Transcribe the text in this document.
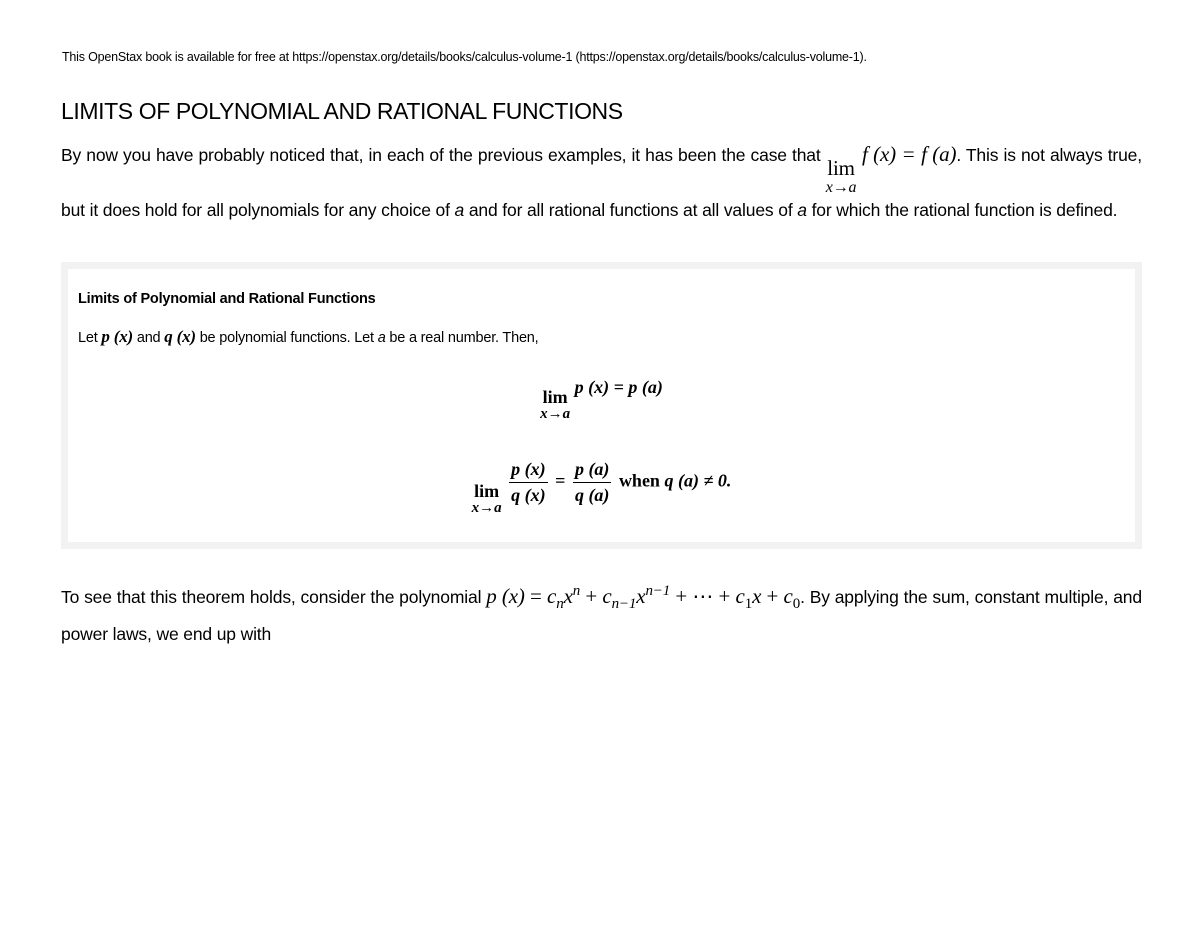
This OpenStax book is available for free at https://openstax.org/details/books/calculus-volume-1 (https://openstax.org/details/books/calculus-volume-1).
LIMITS OF POLYNOMIAL AND RATIONAL FUNCTIONS

By now you have probably noticed that, in each of the previous examples, it has been the case that
lim
x→a
f (x) = f (a). This is not always true, but it does hold for all polynomials for any choice of a and for all rational functions at all values of a for which the rational function is defined.

Limits of Polynomial and Rational Functions
Let p (x) and q (x) be polynomial functions. Let a be a real number. Then,
lim
x→a
p (x) = p (a)
lim
x→a

$\frac{p (x)}{q (x)} = \frac{p (a)}{q (a)}$ when q (a) ≠ 0.

To see that this theorem holds, consider the polynomial p $(x) = c_nx^n + c_{n-1}x^{n-1}$ + ⋯ + $c_1x + c_0$. By applying the sum, constant multiple, and power laws, we end up with
